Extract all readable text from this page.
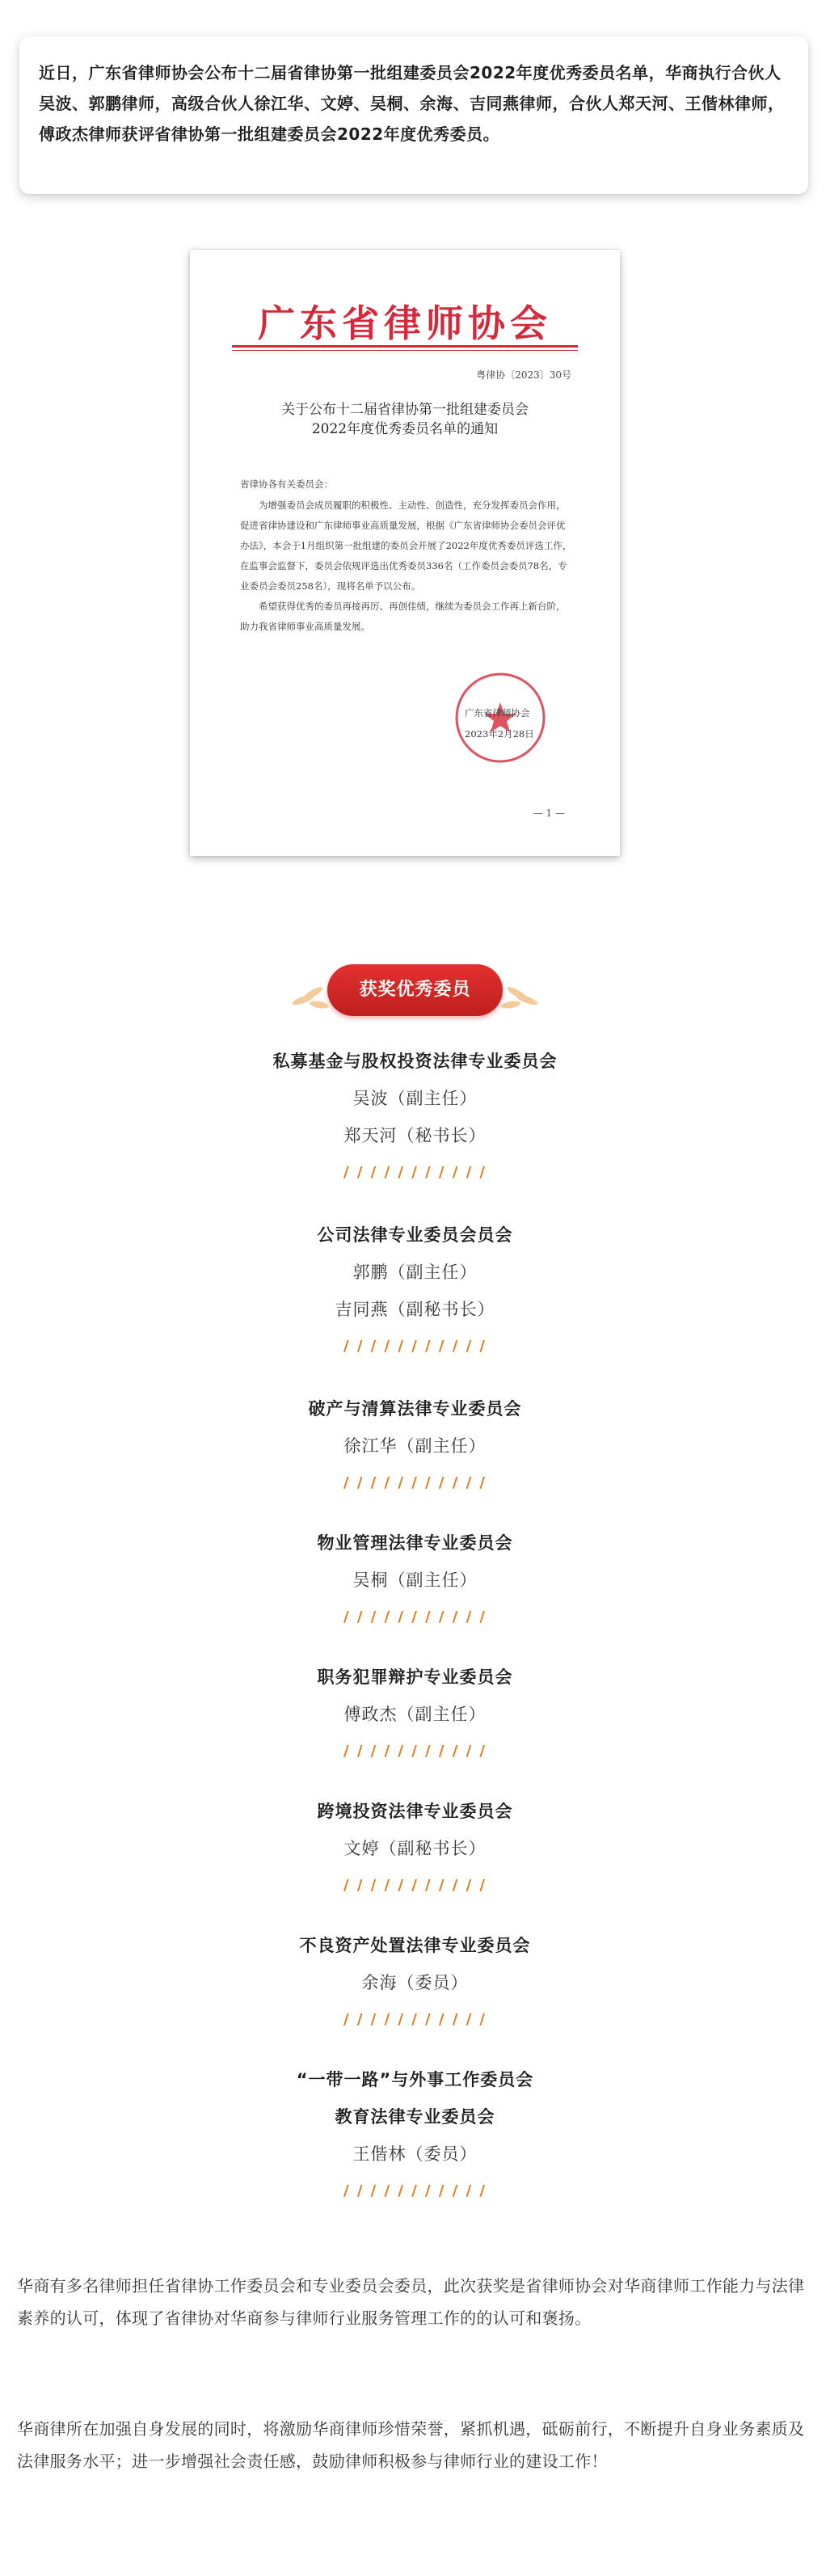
近日，广东省律师协会公布十二届省律协第一批组建委员会2022年度优秀委员名单，华商执行合伙人吴波、郭鹏律师，高级合伙人徐江华、文婷、吴桐、余海、吉同燕律师，合伙人郑天河、王偕林律师，傅政杰律师获评省律协第一批组建委员会2022年度优秀委员。

广东省律师协会
粤律协〔2023〕30号
关于公布十二届省律协第一批组建委员会
2022年度优秀委员名单的通知
省律协各有关委员会：

为增强委员会成员履职的积极性、主动性、创造性，充分发挥委员会作用，促进省律协建设和广东律师事业高质量发展，根据《广东省律师协会委员会评优办法》，本会于1月组织第一批组建的委员会开展了2022年度优秀委员评选工作，在监事会监督下，委员会依规评选出优秀委员336名（工作委员会委员78名，专业委员会委员258名），现将名单予以公布。

希望获得优秀的委员再接再厉、再创佳绩，继续为委员会工作再上新台阶，助力我省律师事业高质量发展。

广东省律师协会
2023年2月28日
— 1 —
获奖优秀委员
私募基金与股权投资法律专业委员会
吴波（副主任）
郑天河（秘书长）
/ / / / / / / / / / /
公司法律专业委员会员会
郭鹏（副主任）
吉同燕（副秘书长）
/ / / / / / / / / / /
破产与清算法律专业委员会
徐江华（副主任）
/ / / / / / / / / / /
物业管理法律专业委员会
吴桐（副主任）
/ / / / / / / / / / /
职务犯罪辩护专业委员会
傅政杰（副主任）
/ / / / / / / / / / /
跨境投资法律专业委员会
文婷（副秘书长）
/ / / / / / / / / / /
不良资产处置法律专业委员会
余海（委员）
/ / / / / / / / / / /
“一带一路”与外事工作委员会
教育法律专业委员会
王偕林（委员）
/ / / / / / / / / / /

华商有多名律师担任省律协工作委员会和专业委员会委员，此次获奖是省律师协会对华商律师工作能力与法律素养的认可，体现了省律协对华商参与律师行业服务管理工作的的认可和褒扬。

华商律所在加强自身发展的同时，将激励华商律师珍惜荣誉，紧抓机遇，砥砺前行，不断提升自身业务素质及法律服务水平；进一步增强社会责任感，鼓励律师积极参与律师行业的建设工作！
